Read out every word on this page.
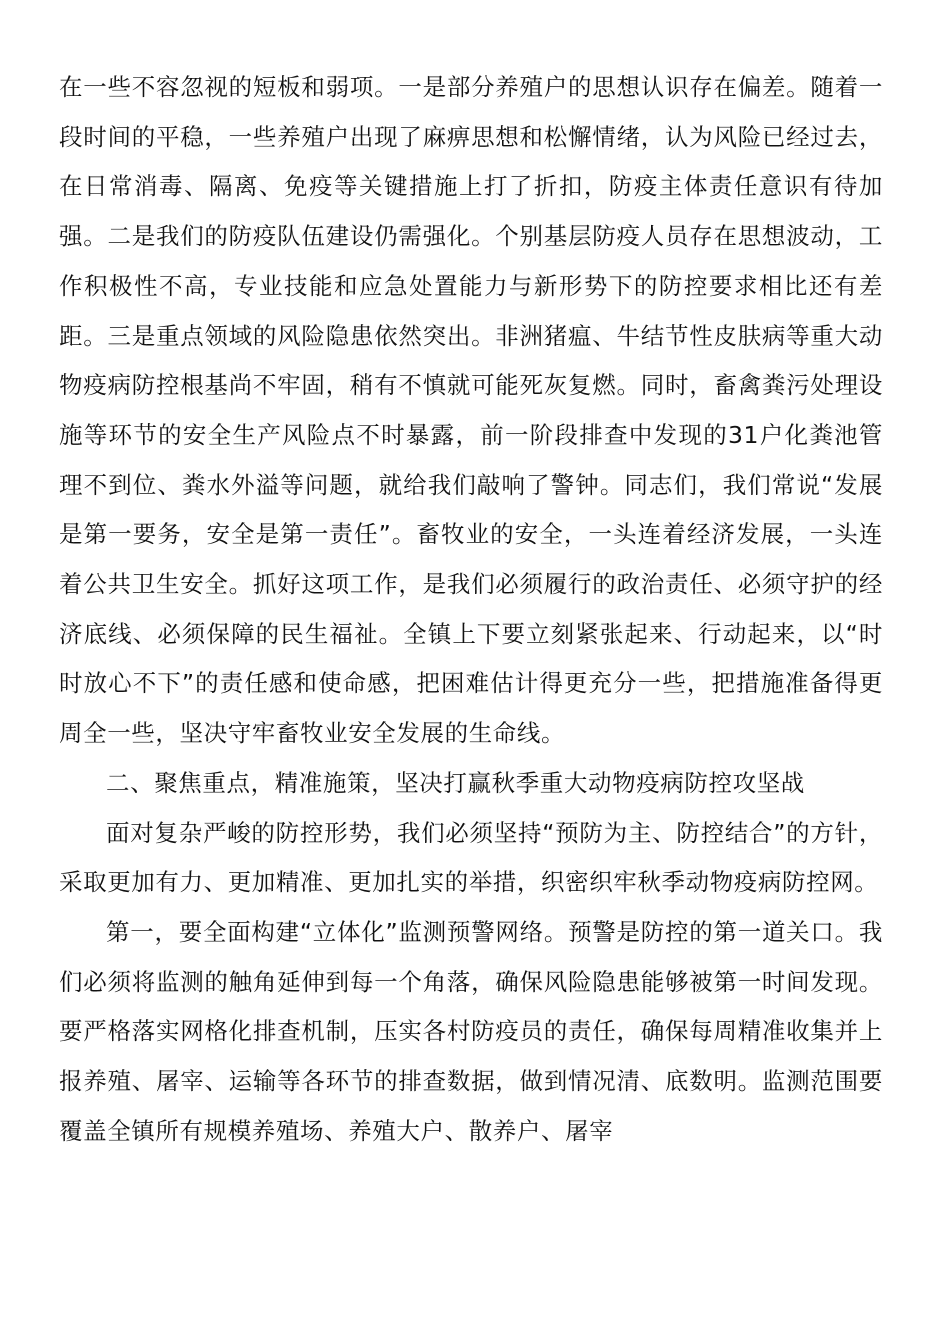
在一些不容忽视的短板和弱项。一是部分养殖户的思想认识存在偏差。随着一段时间的平稳，一些养殖户出现了麻痹思想和松懈情绪，认为风险已经过去，在日常消毒、隔离、免疫等关键措施上打了折扣，防疫主体责任意识有待加强。二是我们的防疫队伍建设仍需强化。个别基层防疫人员存在思想波动，工作积极性不高，专业技能和应急处置能力与新形势下的防控要求相比还有差距。三是重点领域的风险隐患依然突出。非洲猪瘟、牛结节性皮肤病等重大动物疫病防控根基尚不牢固，稍有不慎就可能死灰复燃。同时，畜禽粪污处理设施等环节的安全生产风险点不时暴露，前一阶段排查中发现的31户化粪池管理不到位、粪水外溢等问题，就给我们敲响了警钟。同志们，我们常说“发展是第一要务，安全是第一责任”。畜牧业的安全，一头连着经济发展，一头连着公共卫生安全。抓好这项工作，是我们必须履行的政治责任、必须守护的经济底线、必须保障的民生福祉。全镇上下要立刻紧张起来、行动起来，以“时时放心不下”的责任感和使命感，把困难估计得更充分一些，把措施准备得更周全一些，坚决守牢畜牧业安全发展的生命线。

二、聚焦重点，精准施策，坚决打赢秋季重大动物疫病防控攻坚战

面对复杂严峻的防控形势，我们必须坚持“预防为主、防控结合”的方针，采取更加有力、更加精准、更加扎实的举措，织密织牢秋季动物疫病防控网。

第一，要全面构建“立体化”监测预警网络。预警是防控的第一道关口。我们必须将监测的触角延伸到每一个角落，确保风险隐患能够被第一时间发现。要严格落实网格化排查机制，压实各村防疫员的责任，确保每周精准收集并上报养殖、屠宰、运输等各环节的排查数据，做到情况清、底数明。监测范围要覆盖全镇所有规模养殖场、养殖大户、散养户、屠宰
